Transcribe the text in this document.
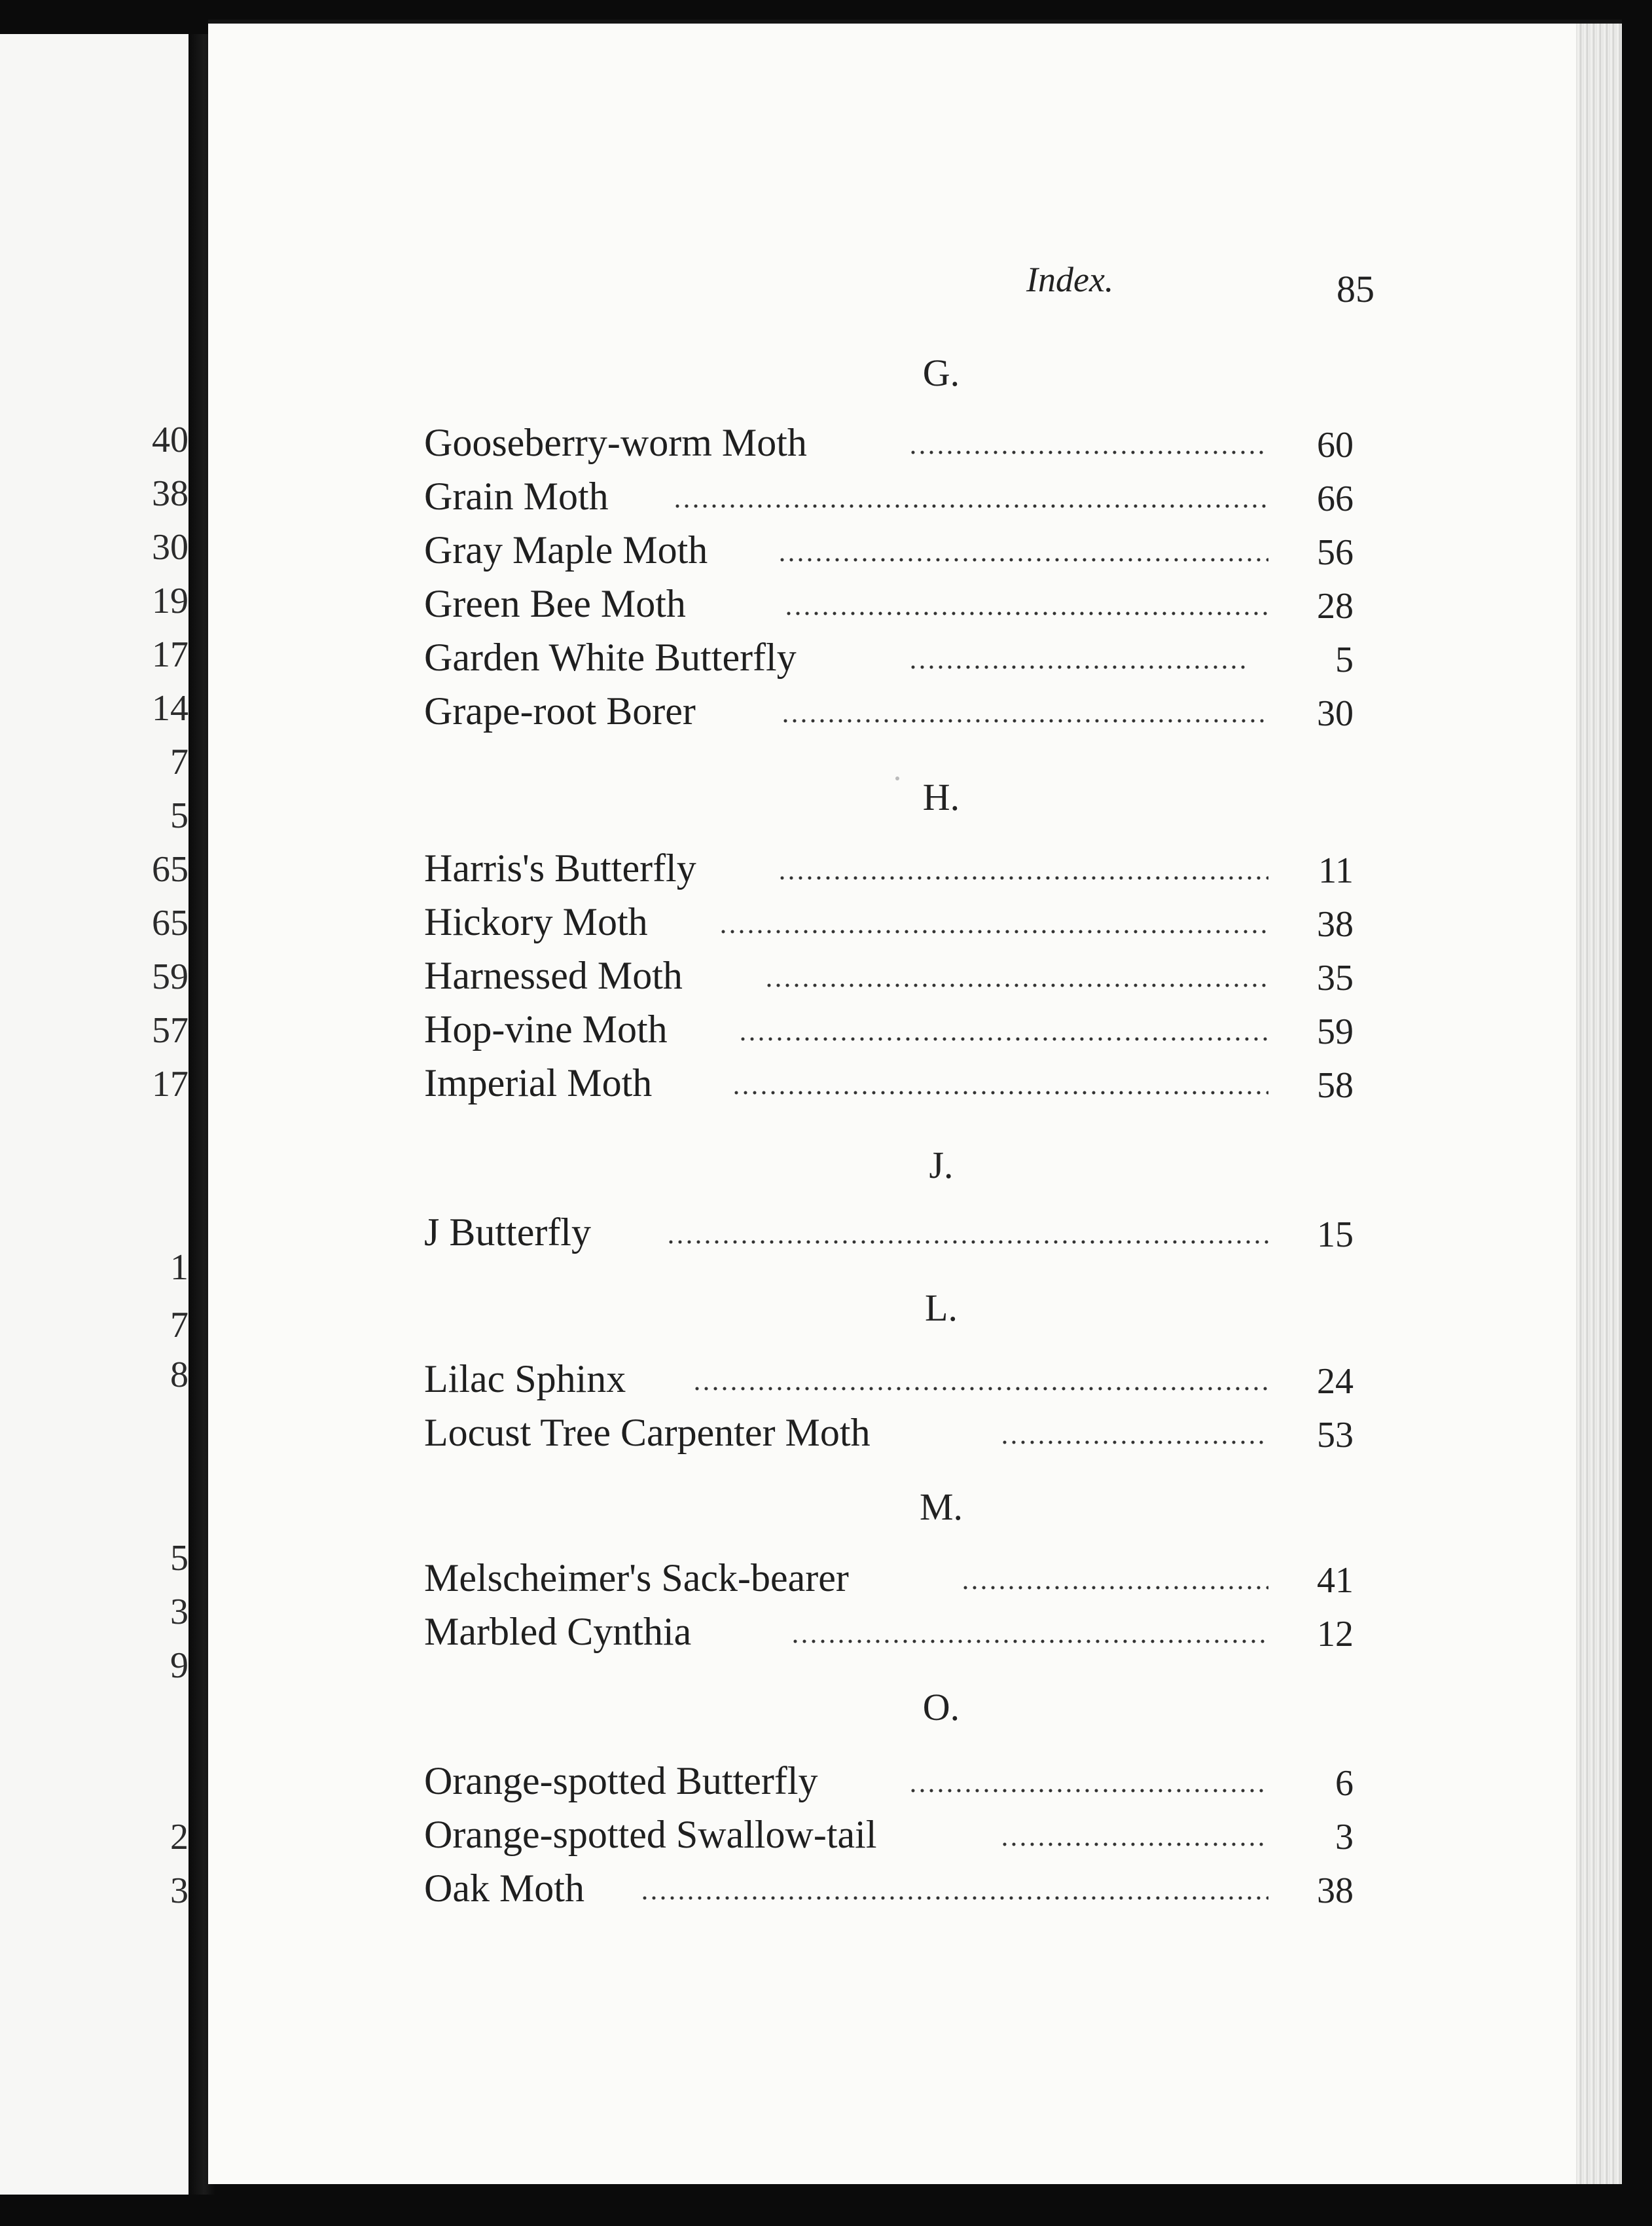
40
38
30
19
17
14
7
5
65
65
59
57
17
1
7
8
5
3
9
2
3
Index.	85
G.
Gooseberry-worm Moth	60
Grain Moth	66
Gray Maple Moth	56
Green Bee Moth	28
Garden White Butterfly	5
Grape-root Borer	30
H.
Harris's Butterfly	11
Hickory Moth	38
Harnessed Moth	35
Hop-vine Moth	59
Imperial Moth	58
J.
J Butterfly	15
L.
Lilac Sphinx	24
Locust Tree Carpenter Moth	53
M.
Melscheimer's Sack-bearer	41
Marbled Cynthia	12
O.
Orange-spotted Butterfly	6
Orange-spotted Swallow-tail	3
Oak Moth	38
